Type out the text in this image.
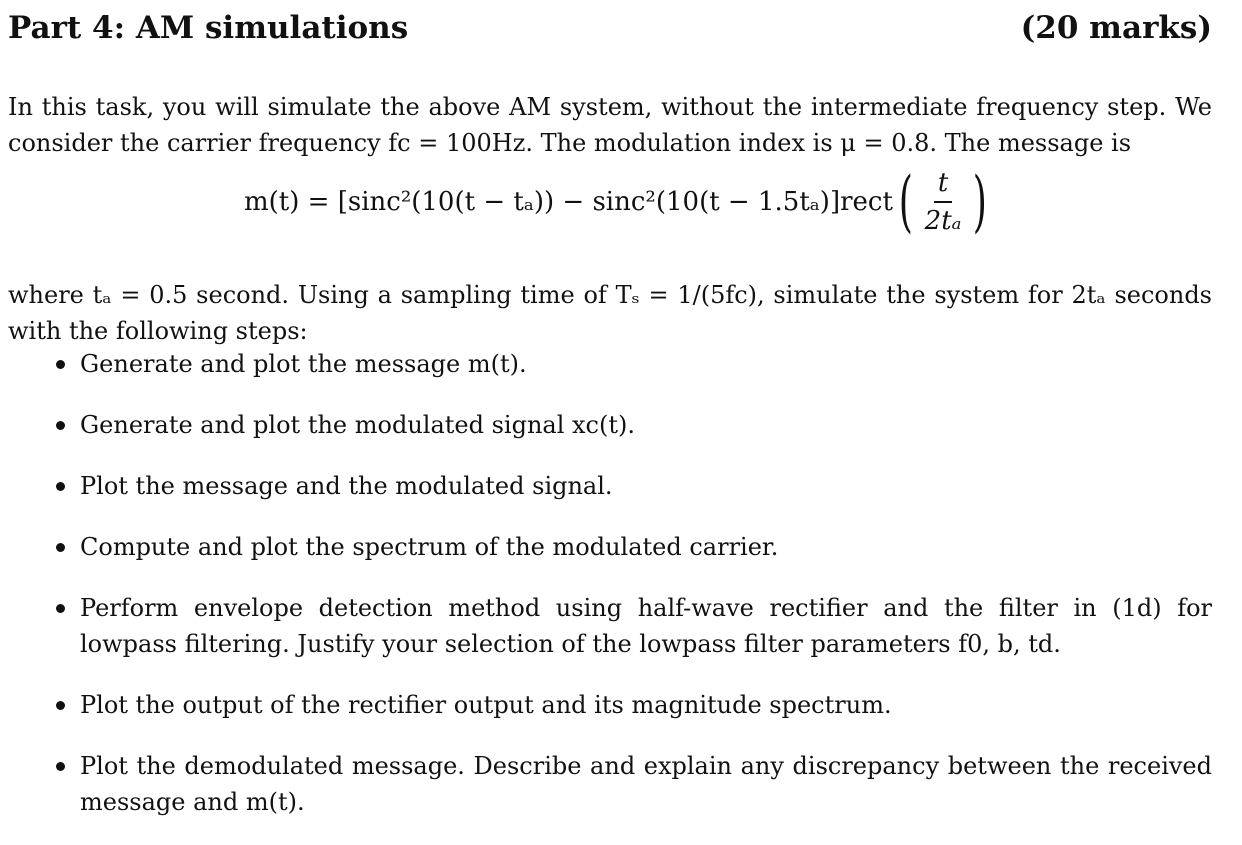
Part 4: AM simulations	(20 marks)

In this task, you will simulate the above AM system, without the intermediate frequency step. We consider the carrier frequency fc = 100Hz. The modulation index is μ = 0.8. The message is

m(t) = [sinc²(10(t − tₐ)) − sinc²(10(t − 1.5tₐ)]rect ( $\frac{t}{\text{2tₐ}}$ )

where tₐ = 0.5 second. Using a sampling time of Tₛ = 1/(5fc), simulate the system for 2tₐ seconds with the following steps:

Generate and plot the message m(t).
Generate and plot the modulated signal xc(t).
Plot the message and the modulated signal.
Compute and plot the spectrum of the modulated carrier.
Perform envelope detection method using half-wave rectifier and the filter in (1d) for lowpass filtering. Justify your selection of the lowpass filter parameters f0, b, td.
Plot the output of the rectifier output and its magnitude spectrum.
Plot the demodulated message. Describe and explain any discrepancy between the received message and m(t).
